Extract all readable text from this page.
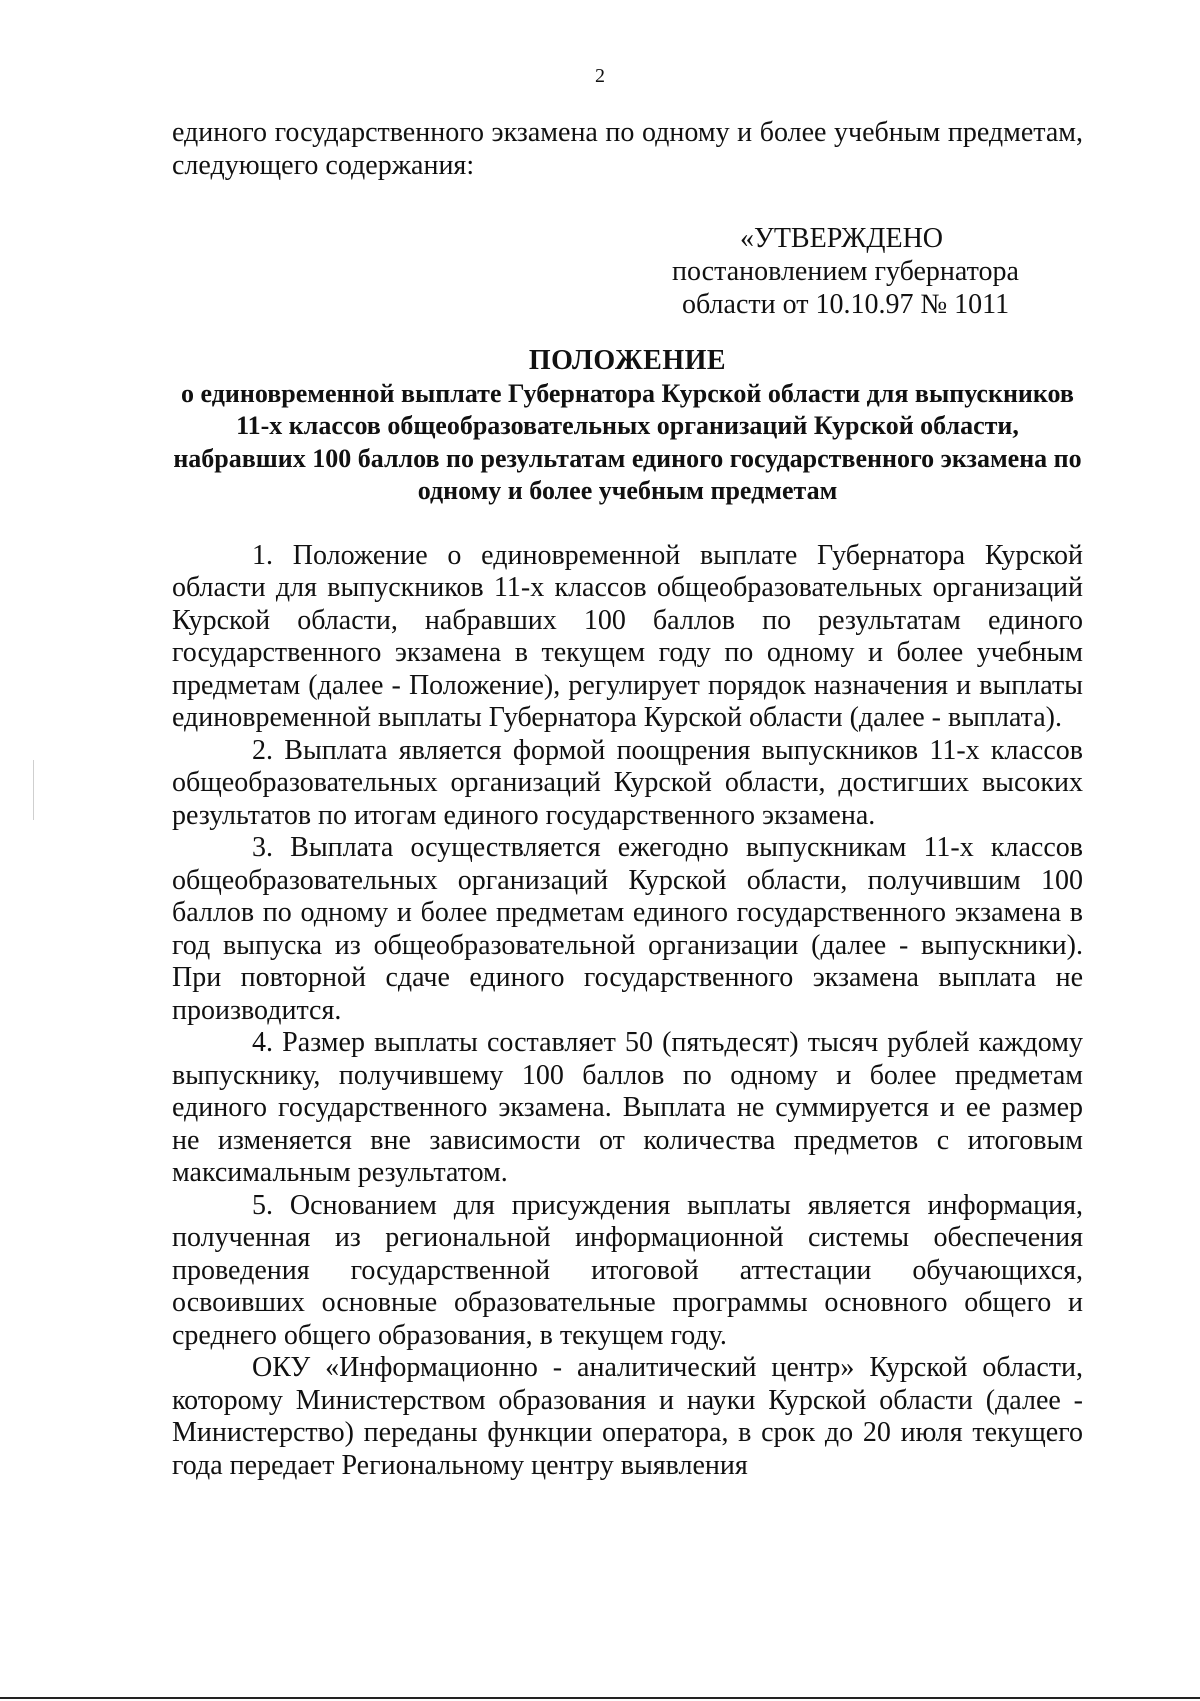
2

единого государственного экзамена по одному и более учебным предметам, следующего содержания:

«УТВЕРЖДЕНО
постановлением губернатора
области от 10.10.97 № 1011

ПОЛОЖЕНИЕ

о единовременной выплате Губернатора Курской области для выпускников 11-х классов общеобразовательных организаций Курской области, набравших 100 баллов по результатам единого государственного экзамена по одному и более учебным предметам

1. Положение о единовременной выплате Губернатора Курской области для выпускников 11-х классов общеобразовательных организаций Курской области, набравших 100 баллов по результатам единого государственного экзамена в текущем году по одному и более учебным предметам (далее - Положение), регулирует порядок назначения и выплаты единовременной выплаты Губернатора Курской области (далее - выплата).

2. Выплата является формой поощрения выпускников 11-х классов общеобразовательных организаций Курской области, достигших высоких результатов по итогам единого государственного экзамена.

3. Выплата осуществляется ежегодно выпускникам 11-х классов общеобразовательных организаций Курской области, получившим 100 баллов по одному и более предметам единого государственного экзамена в год выпуска из общеобразовательной организации (далее - выпускники). При повторной сдаче единого государственного экзамена выплата не производится.

4. Размер выплаты составляет 50 (пятьдесят) тысяч рублей каждому выпускнику, получившему 100 баллов по одному и более предметам единого государственного экзамена. Выплата не суммируется и ее размер не изменяется вне зависимости от количества предметов с итоговым максимальным результатом.

5. Основанием для присуждения выплаты является информация, полученная из региональной информационной системы обеспечения проведения государственной итоговой аттестации обучающихся, освоивших основные образовательные программы основного общего и среднего общего образования, в текущем году.

ОКУ «Информационно - аналитический центр» Курской области, которому Министерством образования и науки Курской области (далее - Министерство) переданы функции оператора, в срок до 20 июля текущего года передает Региональному центру выявления
